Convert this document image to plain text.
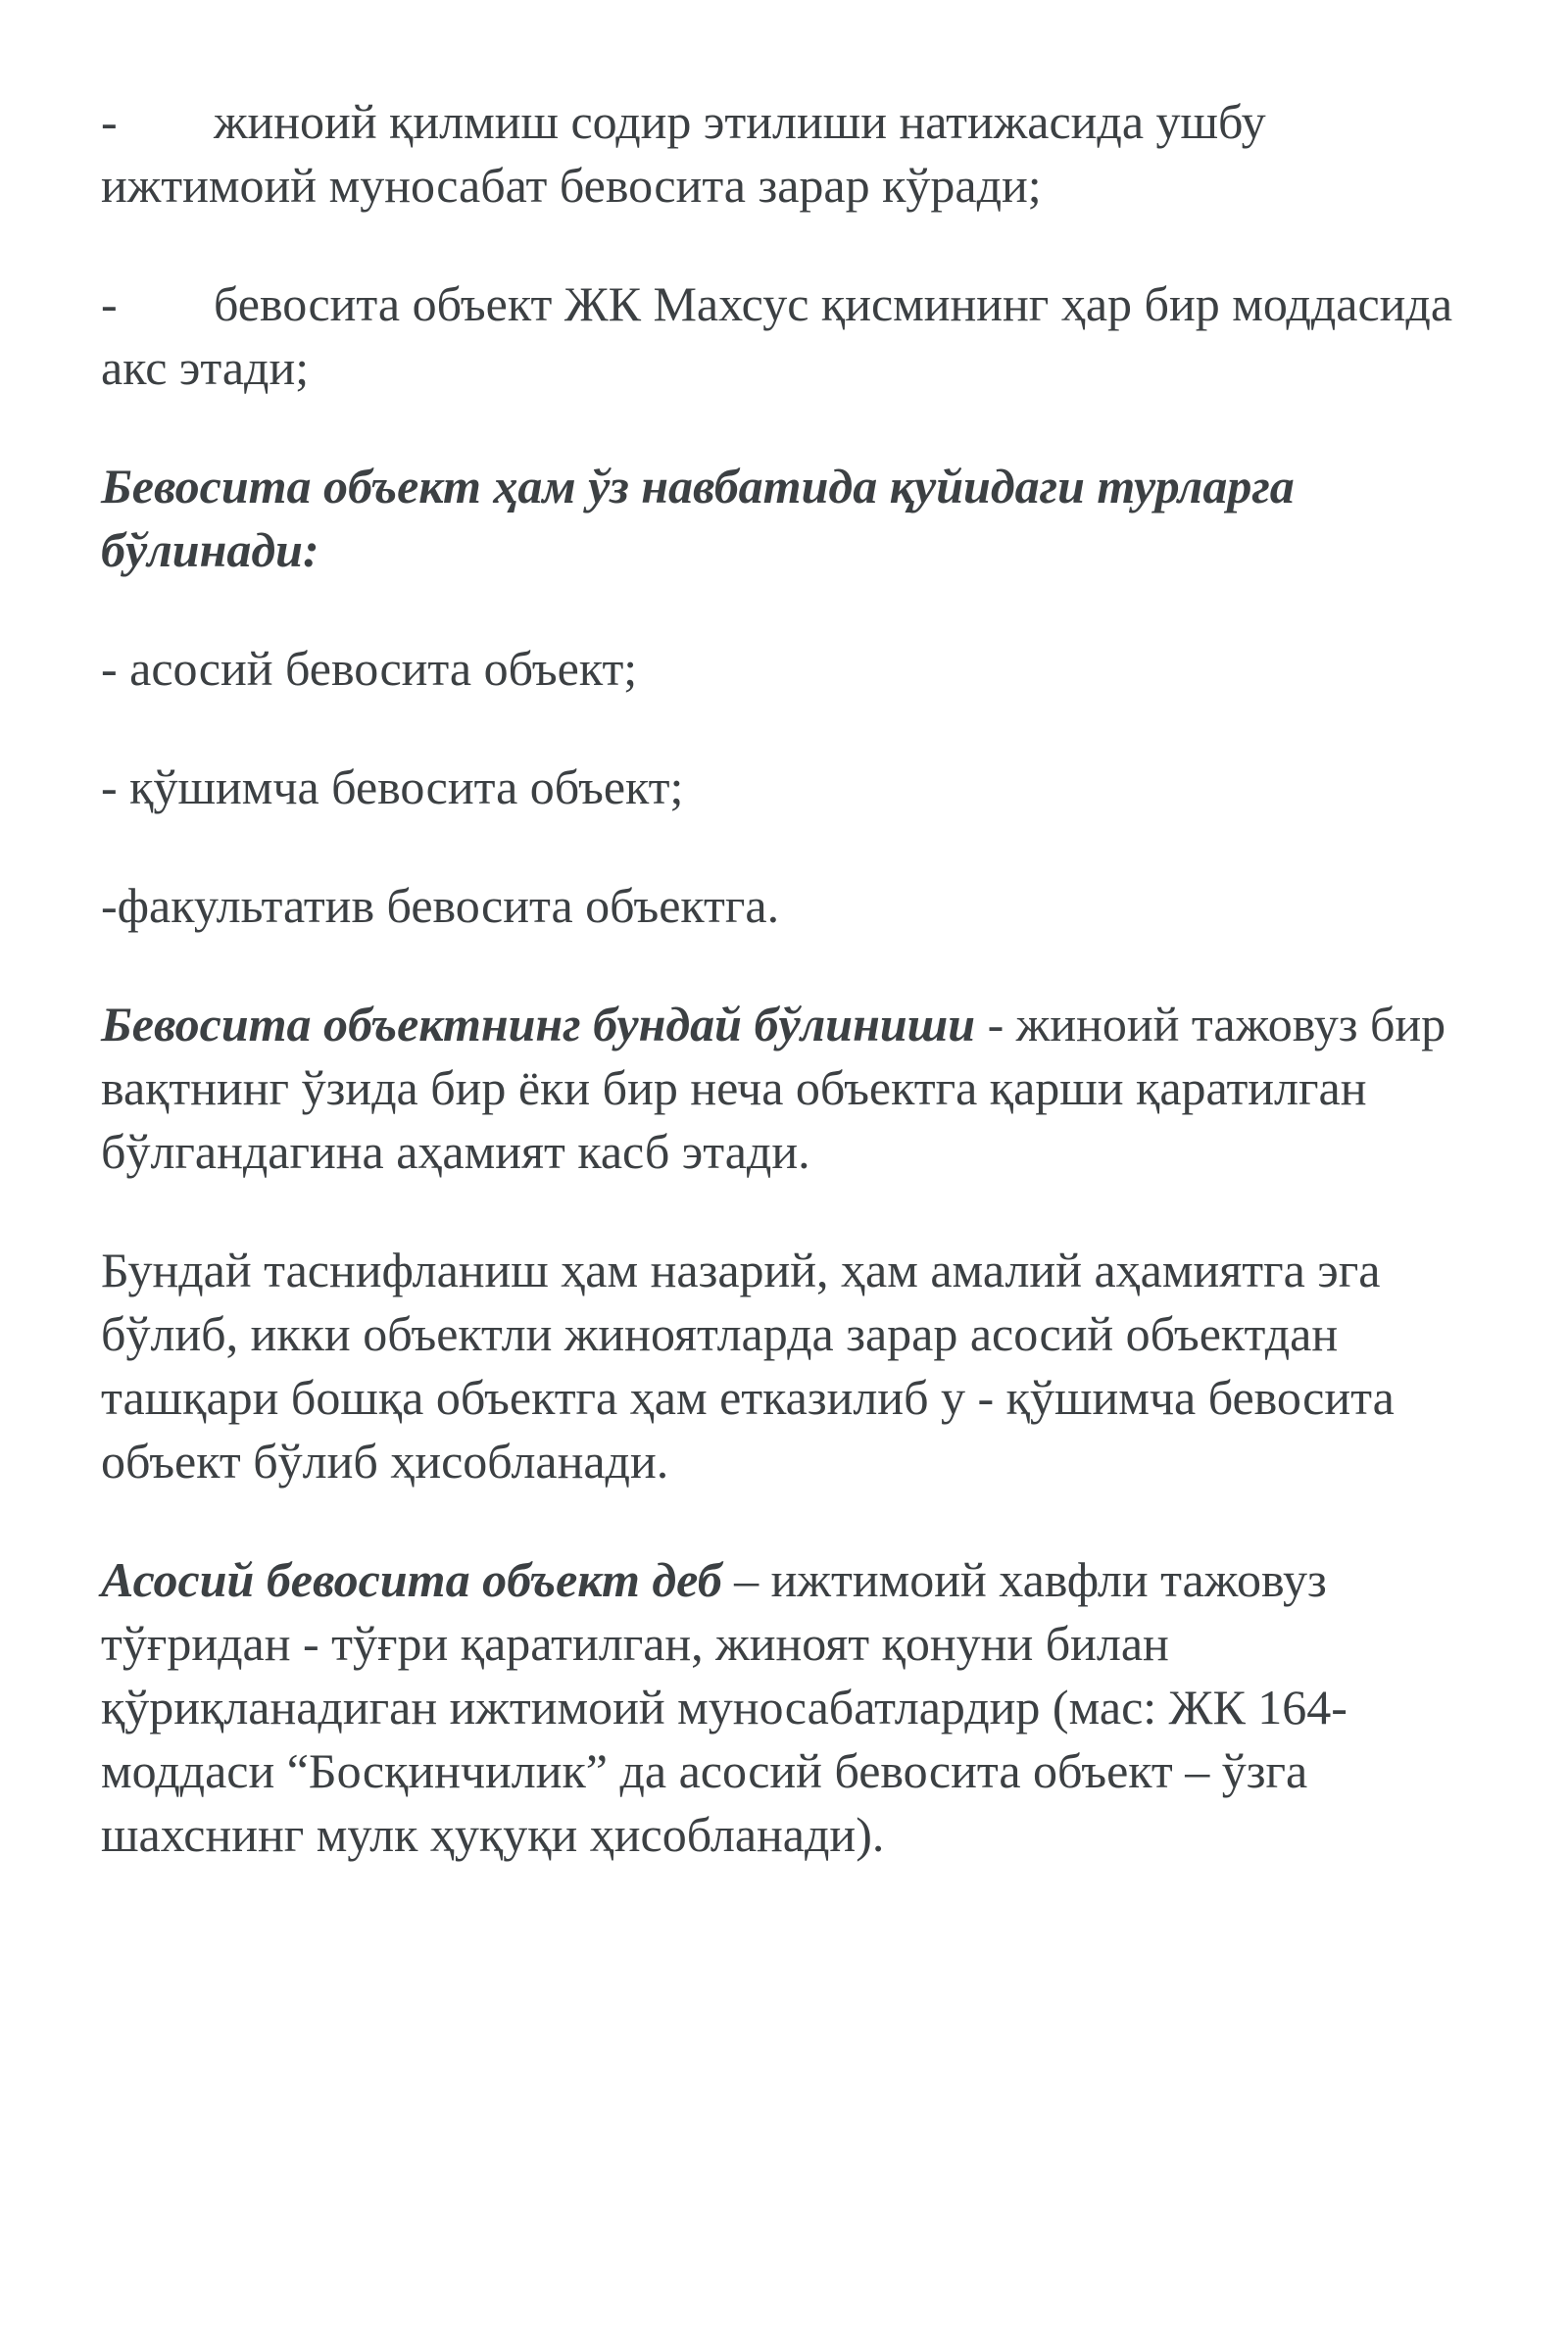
- жиноий қилмиш содир этилиши натижасида ушбу ижтимоий муносабат бевосита зарар кўради;

- бевосита объект ЖК Махсус қисмининг ҳар бир моддасида акс этади;

Бевосита объект ҳам ўз навбатида қуйидаги турларга бўлинади:

- асосий бевосита объект;

- қўшимча бевосита объект;

-факультатив бевосита объектга.

Бевосита объектнинг бундай бўлиниши - жиноий тажовуз бир вақтнинг ўзида бир ёки бир неча объектга қарши қаратилган бўлгандагина аҳамият касб этади.

Бундай таснифланиш ҳам назарий, ҳам амалий аҳамиятга эга бўлиб, икки объектли жиноятларда зарар асосий объектдан ташқари бошқа объектга ҳам етказилиб у - қўшимча бевосита объект бўлиб ҳисобланади.

Асосий бевосита объект деб – ижтимоий хавфли тажовуз тўғридан - тўғри қаратилган, жиноят қонуни билан қўриқланадиган ижтимоий муносабатлардир (мас: ЖК 164-моддаси “Босқинчилик” да асосий бевосита объект – ўзга шахснинг мулк ҳуқуқи ҳисобланади).
